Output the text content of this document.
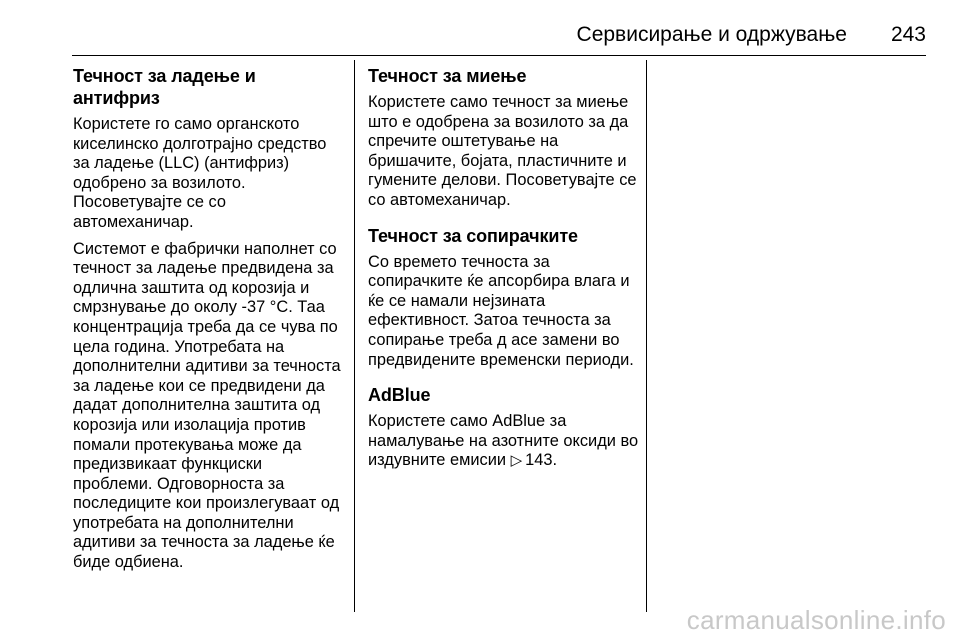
Сервисирање и одржување 243
Течност за ладење и антифриз

Користете го само органското
киселинско долготрајно средство
за ладење (LLC) (антифриз)
одобрено за возилото.
Посоветувајте се со
автомеханичар.

Системот е фабрички наполнет со
течност за ладење предвидена за
одлична заштита од корозија и
смрзнување до околу -37 °C. Таа
концентрација треба да се чува по
цела година. Употребата на
дополнителни адитиви за течноста
за ладење кои се предвидени да
дадат дополнителна заштита од
корозија или изолација против
помали протекувања може да
предизвикаат функциски
проблеми. Одговорноста за
последиците кои произлегуваат од
употребата на дополнителни
адитиви за течноста за ладење ќе
биде одбиена.

Течност за миење

Користете само течност за миење
што е одобрена за возилото за да
спречите оштетување на
бришачите, бојата, пластичните и
гумените делови. Посоветувајте се
со автомеханичар.

Течност за сопирачките

Со времето течноста за
сопирачките ќе апсорбира влага и
ќе се намали нејзината
ефективност. Затоа течноста за
сопирање треба д асе замени во
предвидените временски периоди.

AdBlue

Користете само AdBlue за
намалување на азотните оксиди во
издувните емисии ▷ 143.

carmanualsonline.info
